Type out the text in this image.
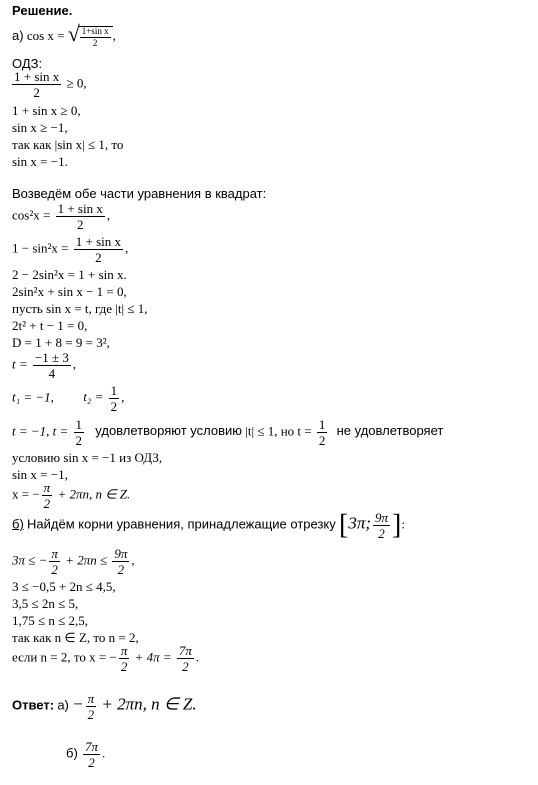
Решение.
а) cos x = √ $\frac{\text{1+sin x}}{2}$ ,
ОДЗ:
$\frac{\text{1 + sin x}}{2} \ge 0$,
1 + sin x ≥ 0,
sin x ≥ −1,
так как |sin x| ≤ 1, то
sin x = −1.
Возведём обе части уравнения в квадрат:
$\cos^2x = \frac{\text{1 + sin x}}{2}$ ,
$1 - \sin^2x = \frac{\text{1 + sin x}}{2}$ ,
2 − 2sin²x = 1 + sin x.
2sin²x + sin x − 1 = 0,
пусть sin x = t, где |t| ≤ 1,
2t² + t − 1 = 0,
D = 1 + 8 = 9 = 3²,
$t = \frac{-1 \pm 3}{4}$ ,
t₁ = −1, $t_2 = \frac{1}{2}$ ,
t = −1, $t = \frac{1}{2}$ удовлетворяют условию |t| ≤ 1, но $t = \frac{1}{2}$ не удовлетворяет
условию sin x = −1 из ОДЗ,
sin x = −1,
x = − $\frac{\pi}{2} + 2\pi n$, n ∈ Z.
б) Найдём корни уравнения, принадлежащие отрезку [3π; $\frac{9\pi}{2}$ ]:
3π ≤ − $\frac{\pi}{2} + 2\pi n \le \frac{9\pi}{2}$ ,
3 ≤ −0,5 + 2n ≤ 4,5,
3,5 ≤ 2n ≤ 5,
1,75 ≤ n ≤ 2,5,
так как n ∈ Z, то n = 2,
если n = 2, то x = − $\frac{\pi}{2} + 4\pi = \frac{7\pi}{2}$ .
Ответ: $а) - \frac{\pi}{2} + 2\pi n$, n ∈ Z.
$б) \frac{7\pi}{2}$ .
